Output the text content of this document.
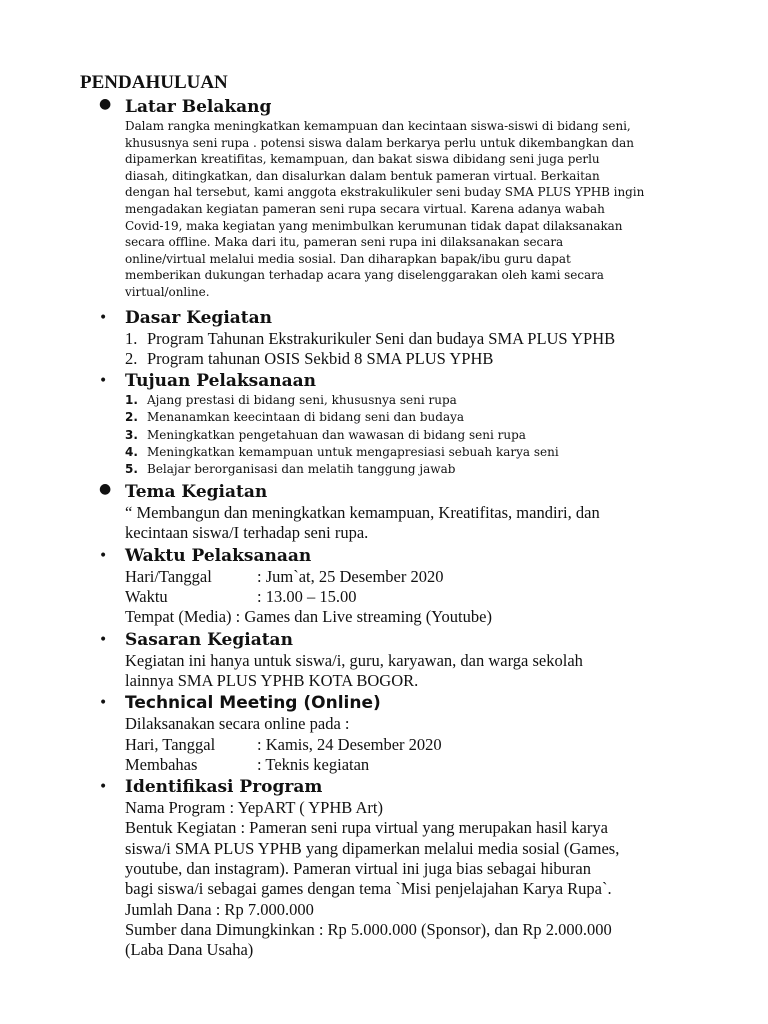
PENDAHULUAN
● Latar Belakang

Dalam rangka meningkatkan kemampuan dan kecintaan siswa-siswi di bidang seni,

khususnya seni rupa . potensi siswa dalam berkarya perlu untuk dikembangkan dan

dipamerkan kreatifitas, kemampuan, dan bakat siswa dibidang seni juga perlu

diasah, ditingkatkan, dan disalurkan dalam bentuk pameran virtual. Berkaitan

dengan hal tersebut, kami anggota ekstrakulikuler seni buday SMA PLUS YPHB ingin

mengadakan kegiatan pameran seni rupa secara virtual. Karena adanya wabah

Covid-19, maka kegiatan yang menimbulkan kerumunan tidak dapat dilaksanakan

secara offline. Maka dari itu, pameran seni rupa ini dilaksanakan secara

online/virtual melalui media sosial. Dan diharapkan bapak/ibu guru dapat

memberikan dukungan terhadap acara yang diselenggarakan oleh kami secara

virtual/online.

• Dasar Kegiatan
1. Program Tahunan Ekstrakurikuler Seni dan budaya SMA PLUS YPHB
2. Program tahunan OSIS Sekbid 8 SMA PLUS YPHB
• Tujuan Pelaksanaan
1. Ajang prestasi di bidang seni, khususnya seni rupa
2. Menanamkan keecintaan di bidang seni dan budaya
3. Meningkatkan pengetahuan dan wawasan di bidang seni rupa
4. Meningkatkan kemampuan untuk mengapresiasi sebuah karya seni
5. Belajar berorganisasi dan melatih tanggung jawab
● Tema Kegiatan

“ Membangun dan meningkatkan kemampuan, Kreatifitas, mandiri, dan

kecintaan siswa/I terhadap seni rupa.

• Waktu Pelaksanaan
Hari/Tanggal	: Jum`at, 25 Desember 2020
Waktu	: 13.00 – 15.00

Tempat (Media) : Games dan Live streaming (Youtube)

• Sasaran Kegiatan

Kegiatan ini hanya untuk siswa/i, guru, karyawan, dan warga sekolah

lainnya SMA PLUS YPHB KOTA BOGOR.

• Technical Meeting (Online)

Dilaksanakan secara online pada :

Hari, Tanggal	: Kamis, 24 Desember 2020
Membahas	: Teknis kegiatan
• Identifikasi Program

Nama Program : YepART ( YPHB Art)

Bentuk Kegiatan : Pameran seni rupa virtual yang merupakan hasil karya

siswa/i SMA PLUS YPHB yang dipamerkan melalui media sosial (Games,

youtube, dan instagram). Pameran virtual ini juga bias sebagai hiburan

bagi siswa/i sebagai games dengan tema `Misi penjelajahan Karya Rupa`.

Jumlah Dana : Rp 7.000.000

Sumber dana Dimungkinkan : Rp 5.000.000 (Sponsor), dan Rp 2.000.000

(Laba Dana Usaha)
